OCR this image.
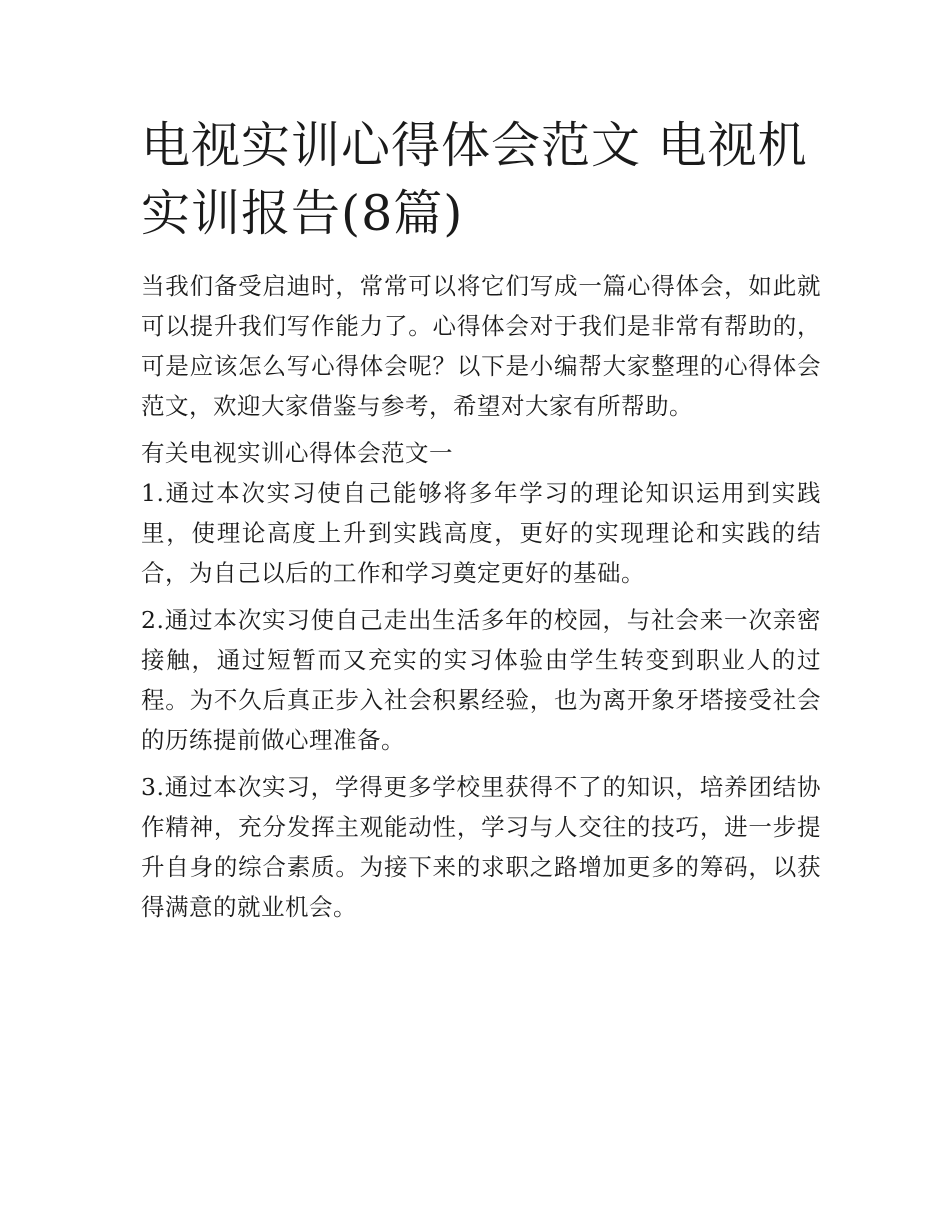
电视实训心得体会范文 电视机实训报告(8篇)

当我们备受启迪时，常常可以将它们写成一篇心得体会，如此就可以提升我们写作能力了。心得体会对于我们是非常有帮助的，可是应该怎么写心得体会呢？以下是小编帮大家整理的心得体会范文，欢迎大家借鉴与参考，希望对大家有所帮助。

有关电视实训心得体会范文一

1.通过本次实习使自己能够将多年学习的理论知识运用到实践里，使理论高度上升到实践高度，更好的实现理论和实践的结合，为自己以后的工作和学习奠定更好的基础。

2.通过本次实习使自己走出生活多年的校园，与社会来一次亲密接触，通过短暂而又充实的实习体验由学生转变到职业人的过程。为不久后真正步入社会积累经验，也为离开象牙塔接受社会的历练提前做心理准备。

3.通过本次实习，学得更多学校里获得不了的知识，培养团结协作精神，充分发挥主观能动性，学习与人交往的技巧，进一步提升自身的综合素质。为接下来的求职之路增加更多的筹码，以获得满意的就业机会。
